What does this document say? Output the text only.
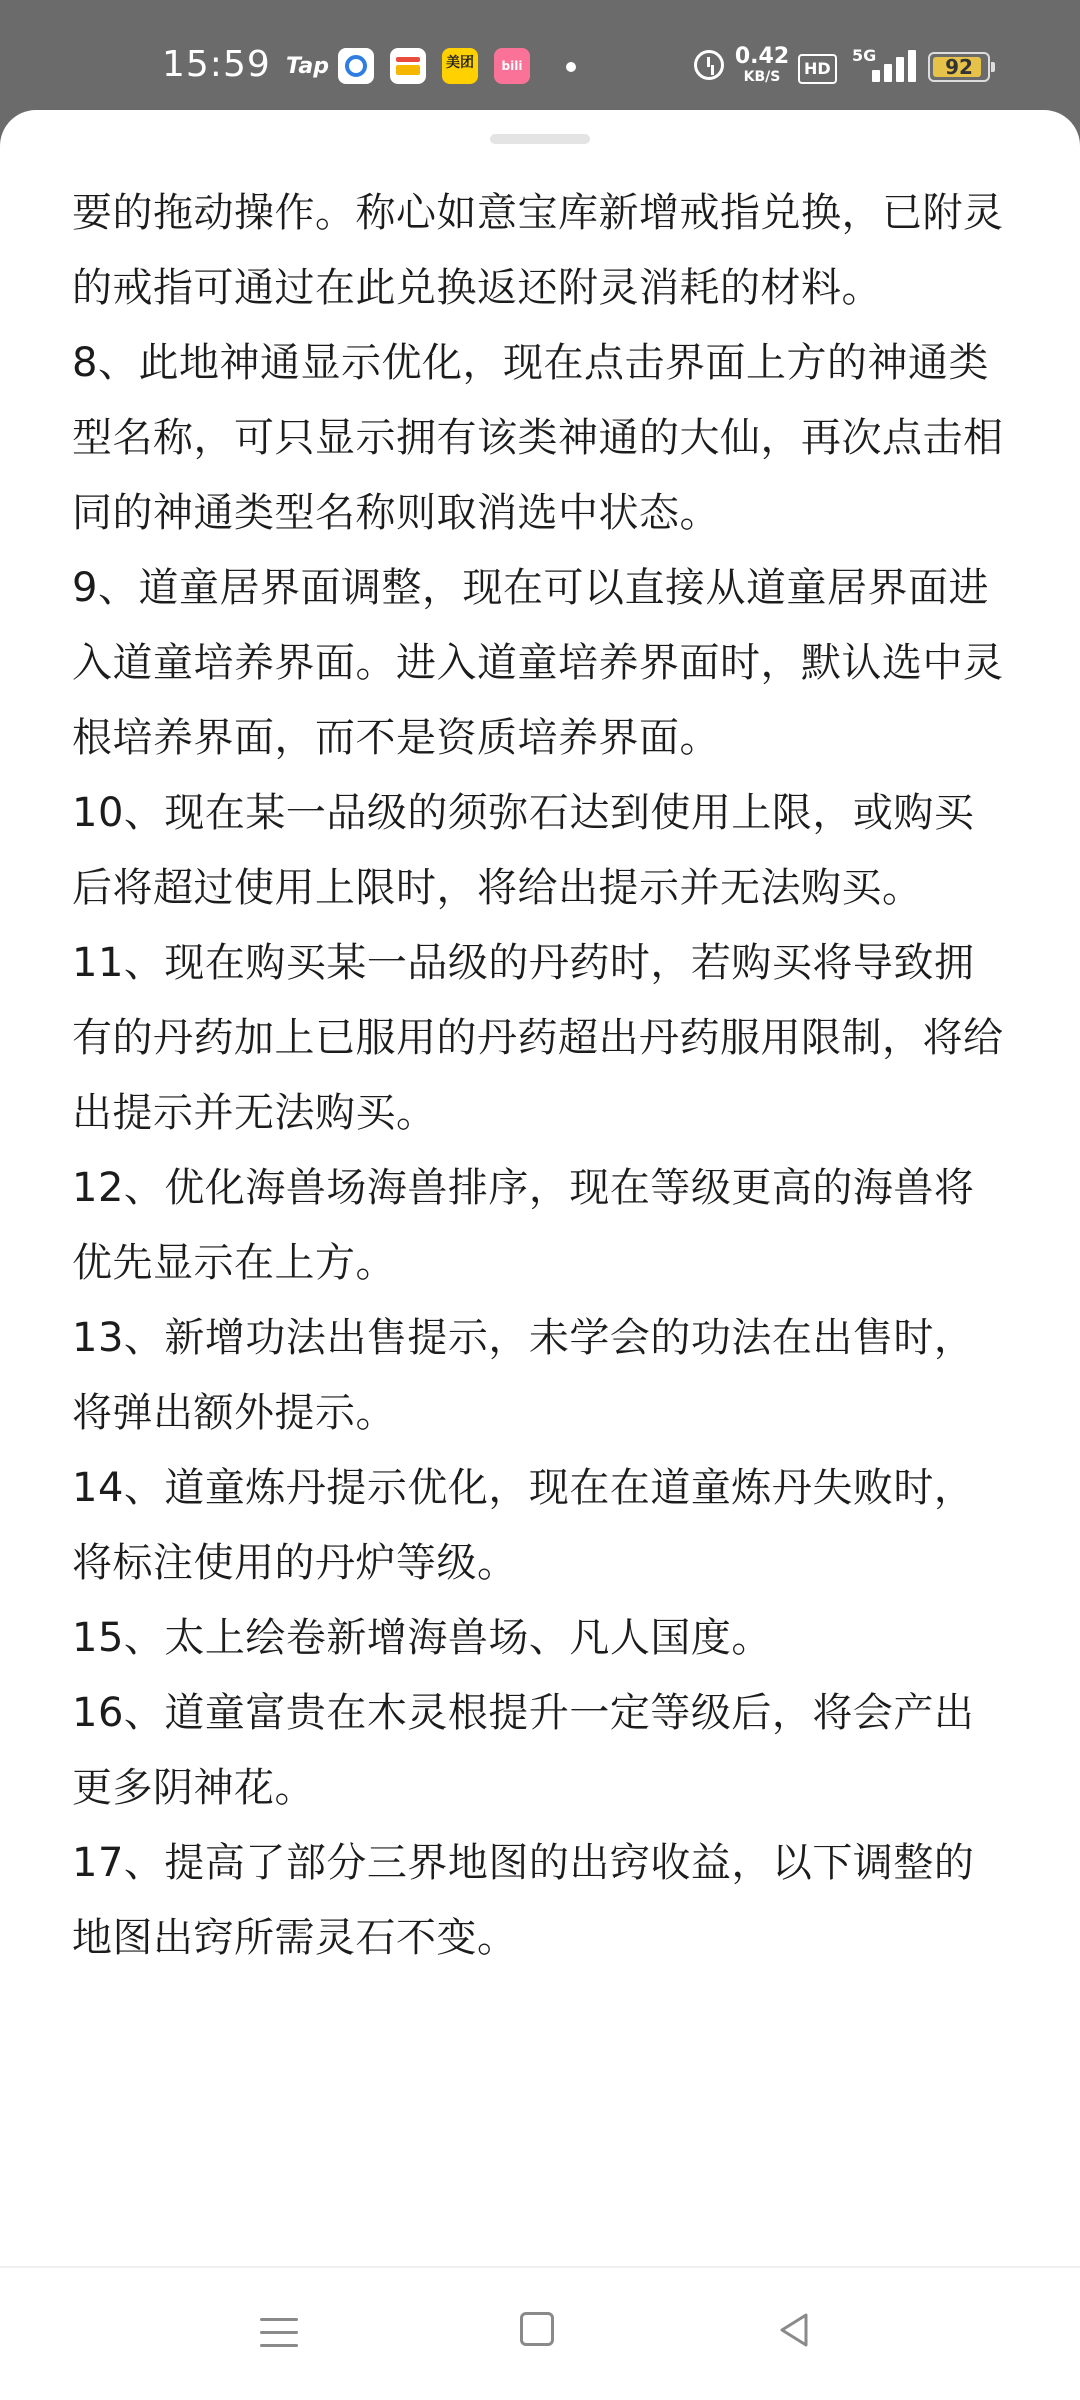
15:59 Tap	美团	bili	0.42
KB/S	HD
5G	92

要的拖动操作。称心如意宝库新增戒指兑换，已附灵的戒指可通过在此兑换返还附灵消耗的材料。

8、此地神通显示优化，现在点击界面上方的神通类型名称，可只显示拥有该类神通的大仙，再次点击相同的神通类型名称则取消选中状态。

9、道童居界面调整，现在可以直接从道童居界面进入道童培养界面。进入道童培养界面时，默认选中灵根培养界面，而不是资质培养界面。

10、现在某一品级的须弥石达到使用上限，或购买后将超过使用上限时，将给出提示并无法购买。

11、现在购买某一品级的丹药时，若购买将导致拥有的丹药加上已服用的丹药超出丹药服用限制，将给出提示并无法购买。

12、优化海兽场海兽排序，现在等级更高的海兽将优先显示在上方。

13、新增功法出售提示，未学会的功法在出售时，将弹出额外提示。

14、道童炼丹提示优化，现在在道童炼丹失败时，将标注使用的丹炉等级。

15、太上绘卷新增海兽场、凡人国度。

16、道童富贵在木灵根提升一定等级后，将会产出更多阴神花。

17、提高了部分三界地图的出窍收益，以下调整的地图出窍所需灵石不变。
